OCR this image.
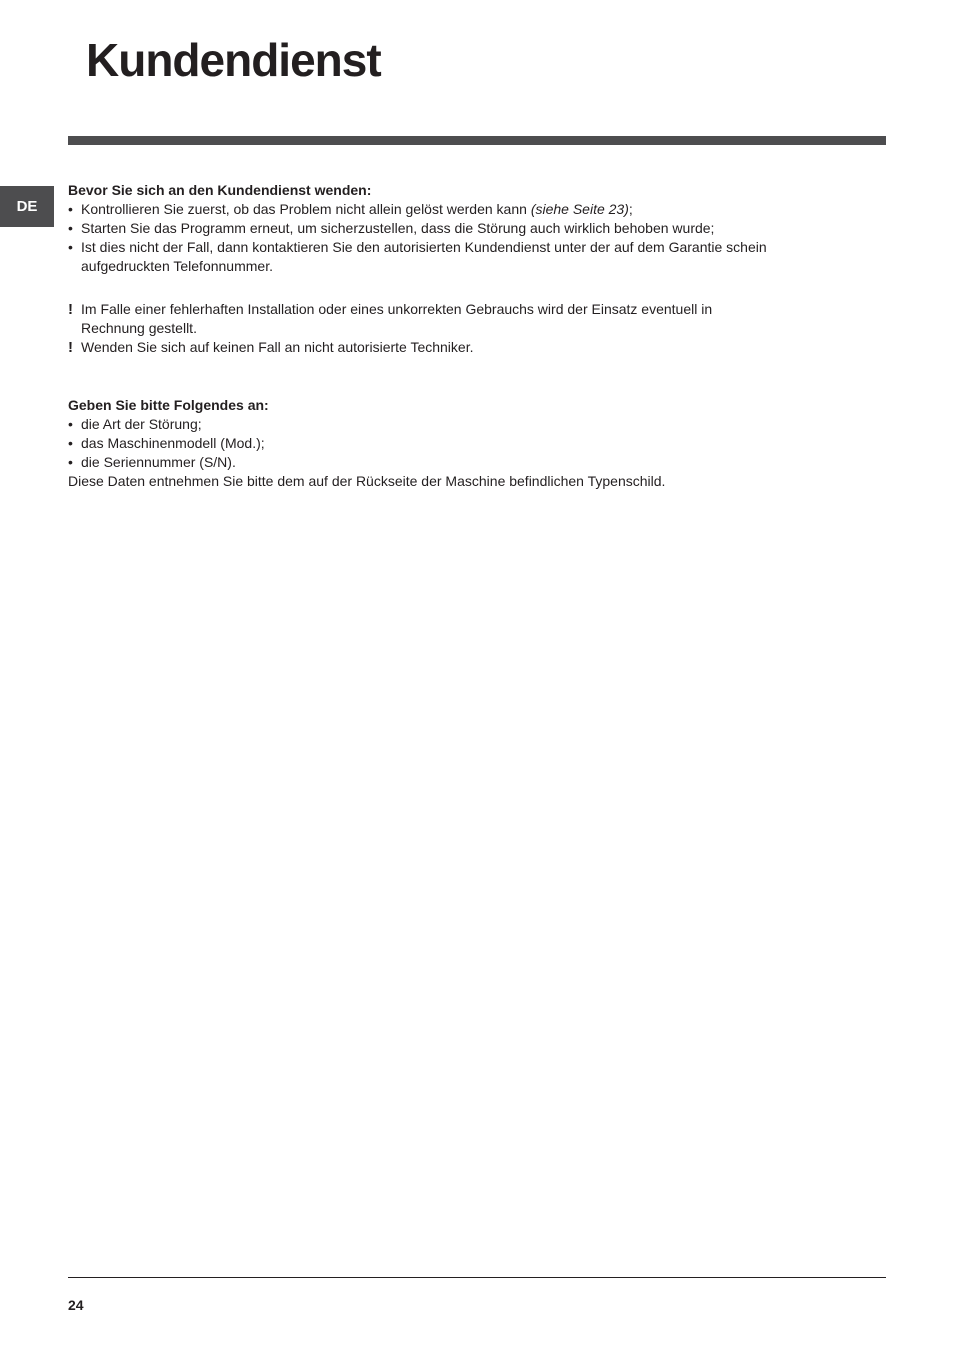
Kundendienst
DE

Bevor Sie sich an den Kundendienst wenden:

• Kontrollieren Sie zuerst, ob das Problem nicht allein gelöst werden kann (siehe Seite 23);
• Starten Sie das Programm erneut, um sicherzustellen, dass die Störung auch wirklich behoben wurde;
• Ist dies nicht der Fall, dann kontaktieren Sie den autorisierten Kundendienst unter der auf dem Garantie schein aufgedruckten Telefonnummer.
! Im Falle einer fehlerhaften Installation oder eines unkorrekten Gebrauchs wird der Einsatz eventuell in Rechnung gestellt.
! Wenden Sie sich auf keinen Fall an nicht autorisierte Techniker.

Geben Sie bitte Folgendes an:

• die Art der Störung;
• das Maschinenmodell (Mod.);
• die Seriennummer (S/N).
Diese Daten entnehmen Sie bitte dem auf der Rückseite der Maschine befindlichen Typenschild.
24
